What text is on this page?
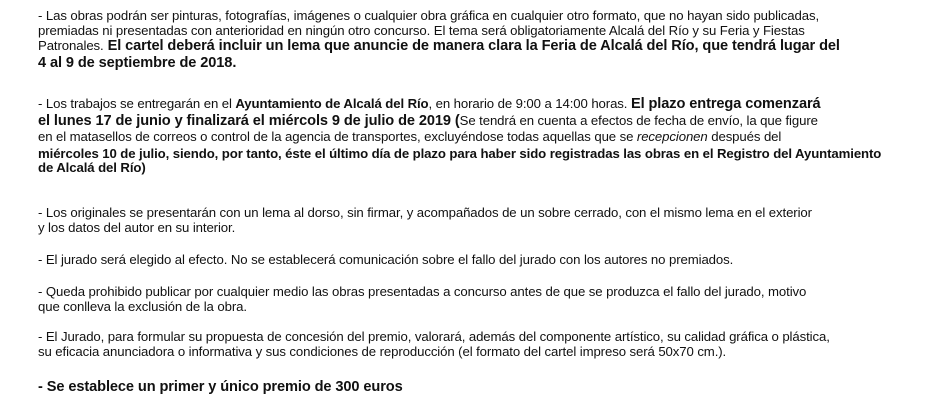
- Las obras podrán ser pinturas, fotografías, imágenes o cualquier obra gráfica en cualquier otro formato, que no hayan sido publicadas,
premiadas ni presentadas con anterioridad en ningún otro concurso. El tema será obligatoriamente Alcalá del Río y su Feria y Fiestas
Patronales. El cartel deberá incluir un lema que anuncie de manera clara la Feria de Alcalá del Río, que tendrá lugar del
4 al 9 de septiembre de 2018.
- Los trabajos se entregarán en el Ayuntamiento de Alcalá del Río, en horario de 9:00 a 14:00 horas. El plazo entrega comenzará
el lunes 17 de junio y finalizará el miércols 9 de julio de 2019 (Se tendrá en cuenta a efectos de fecha de envío, la que figure
en el matasellos de correos o control de la agencia de transportes, excluyéndose todas aquellas que se recepcionen después del
miércoles 10 de julio, siendo, por tanto, éste el último día de plazo para haber sido registradas las obras en el Registro del Ayuntamiento
de Alcalá del Río)
- Los originales se presentarán con un lema al dorso, sin firmar, y acompañados de un sobre cerrado, con el mismo lema en el exterior
y los datos del autor en su interior.
- El jurado será elegido al efecto. No se establecerá comunicación sobre el fallo del jurado con los autores no premiados.
- Queda prohibido publicar por cualquier medio las obras presentadas a concurso antes de que se produzca el fallo del jurado, motivo
que conlleva la exclusión de la obra.
- El Jurado, para formular su propuesta de concesión del premio, valorará, además del componente artístico, su calidad gráfica o plástica,
su eficacia anunciadora o informativa y sus condiciones de reproducción (el formato del cartel impreso será 50x70 cm.).
- Se establece un primer y único premio de 300 euros
